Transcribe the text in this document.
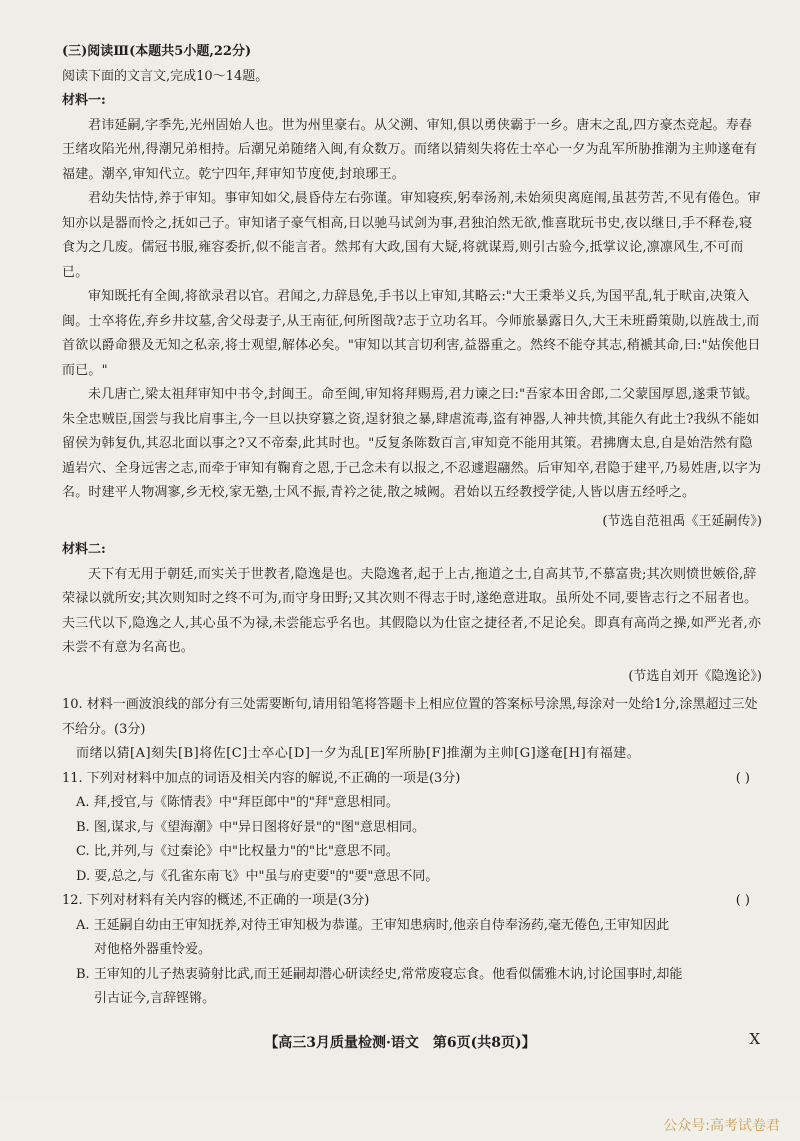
(三)阅读Ⅲ(本题共5小题,22分)

阅读下面的文言文,完成10～14题。

材料一:

君讳延嗣,字季先,光州固始人也。世为州里豪右。从父溯、审知,俱以勇侠霸于一乡。唐末之乱,四方豪杰竞起。寿春王绪攻陷光州,得潮兄弟相持。后潮兄弟随绪入闽,有众数万。而绪以猜刻失将佐士卒心一夕为乱军所胁推潮为主帅遂奄有福建。潮卒,审知代立。乾宁四年,拜审知节度使,封琅琊王。

君幼失怙恃,养于审知。事审知如父,晨昏侍左右弥谨。审知寝疾,躬奉汤剂,未始须臾离庭闱,虽甚劳苦,不见有倦色。审知亦以是器而怜之,抚如己子。审知诸子豪气相高,日以驰马试剑为事,君独泊然无欲,惟喜耽玩书史,夜以继日,手不释卷,寝食为之几废。儒冠书服,雍容委折,似不能言者。然邦有大政,国有大疑,将就谋焉,则引古验今,抵掌议论,凛凛风生,不可而已。

审知既托有全闽,将欲录君以官。君闻之,力辞恳免,手书以上审知,其略云:"大王秉举义兵,为国平乱,轧于畎亩,决策入闽。士卒将佐,弃乡井坟墓,舍父母妻子,从王南征,何所图哉?志于立功名耳。今师旅暴露日久,大王未班爵策勋,以旌战士,而首欲以爵命猥及无知之私亲,将士观望,解体必矣。"审知以其言切利害,益器重之。然终不能夺其志,稍褫其命,曰:"姑俟他日而已。"

未几唐亡,梁太祖拜审知中书令,封闽王。命至闽,审知将拜赐焉,君力谏之曰:"吾家本田舍郎,二父蒙国厚恩,遂秉节钺。朱全忠贼臣,国尝与我比肩事主,今一旦以抉穿篡之资,逞豺狼之暴,肆虐流毒,盗有神器,人神共愤,其能久有此土?我纵不能如留侯为韩复仇,其忍北面以事之?又不帝秦,此其时也。"反复条陈数百言,审知竟不能用其策。君拂膺太息,自是始浩然有隐遁岩穴、全身远害之志,而牵于审知有鞠育之恩,于己念未有以报之,不忍遽遐翮然。后审知卒,君隐于建平,乃易姓唐,以字为名。时建平人物凋寥,乡无校,家无塾,士风不振,青衿之徒,散之城阙。君始以五经教授学徒,人皆以唐五经呼之。

(节选自范祖禹《王延嗣传》)

材料二:

天下有无用于朝廷,而实关于世教者,隐逸是也。夫隐逸者,起于上古,拖道之士,自高其节,不慕富贵;其次则愤世嫉俗,辞荣禄以就所安;其次则知时之终不可为,而守身田野;又其次则不得志于时,遂绝意进取。虽所处不同,要皆志行之不屈者也。夫三代以下,隐逸之人,其心虽不为禄,未尝能忘乎名也。其假隐以为仕宦之捷径者,不足论矣。即真有高尚之操,如严光者,亦未尝不有意为名高也。

(节选自刘开《隐逸论》)

10. 材料一画波浪线的部分有三处需要断句,请用铅笔将答题卡上相应位置的答案标号涂黑,每涂对一处给1分,涂黑超过三处不给分。(3分)

而绪以猜[A]刻失[B]将佐[C]士卒心[D]一夕为乱[E]军所胁[F]推潮为主帅[G]遂奄[H]有福建。

11. 下列对材料中加点的词语及相关内容的解说,不正确的一项是(3分)	( )

A. 拜,授官,与《陈情表》中"拜臣郎中"的"拜"意思相同。

B. 图,谋求,与《望海潮》中"异日图将好景"的"图"意思相同。

C. 比,并列,与《过秦论》中"比权量力"的"比"意思不同。

D. 要,总之,与《孔雀东南飞》中"虽与府吏要"的"要"意思不同。

12. 下列对材料有关内容的概述,不正确的一项是(3分)	( )

A. 王延嗣自幼由王审知抚养,对待王审知极为恭谨。王审知患病时,他亲自侍奉汤药,毫无倦色,王审知因此

对他格外器重怜爱。

B. 王审知的儿子热衷骑射比武,而王延嗣却潜心研读经史,常常废寝忘食。他看似儒雅木讷,讨论国事时,却能

引古证今,言辞铿锵。

【高三3月质量检测·语文　第6页(共8页)】	X
公众号:高考试卷君
